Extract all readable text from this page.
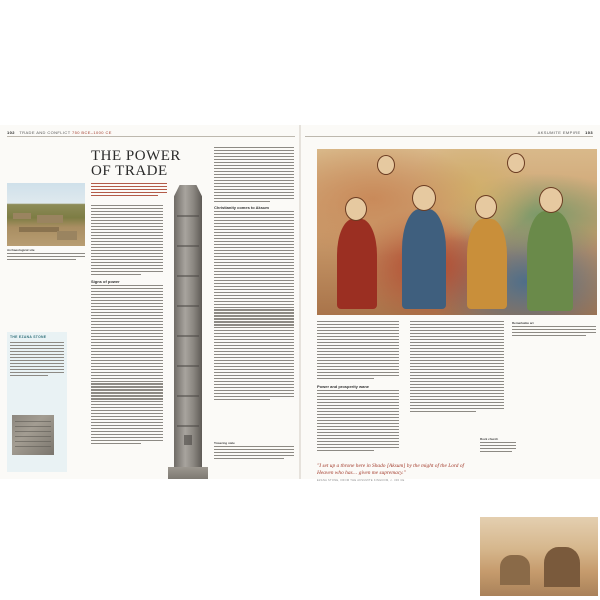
102 TRADE AND CONFLICT 750 BCE–1000 CE	AKSUMITE EMPIRE 103
Archaeological site
THE EZANA STONE
THE POWER
OF TRADE
Signs of power
Towering stele
Christianity comes to Aksum
Remarkable art
Power and prosperity wane
"I set up a throne here in Shado [Aksum] by the might of the Lord of Heaven who has… given me supremacy."
EZANA STONE, FROM THE AKSUMITE KINGDOM, c. 330 CE
Rock church
